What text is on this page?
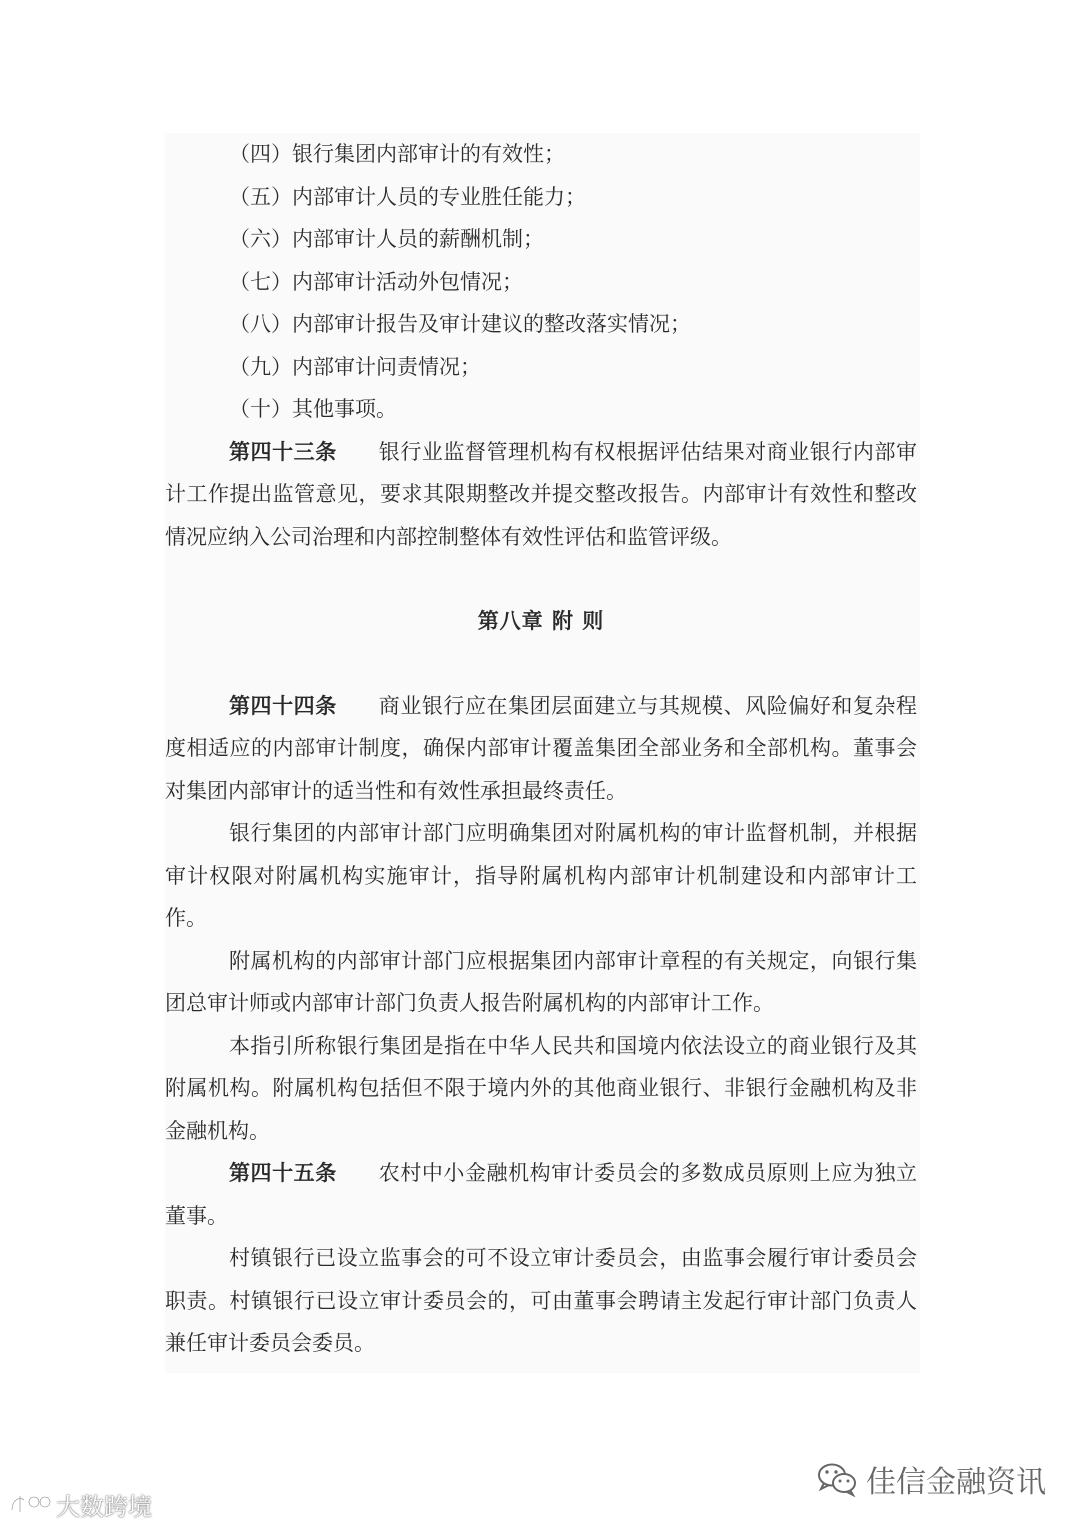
（四）银行集团内部审计的有效性；
（五）内部审计人员的专业胜任能力；
（六）内部审计人员的薪酬机制；
（七）内部审计活动外包情况；
（八）内部审计报告及审计建议的整改落实情况；
（九）内部审计问责情况；
（十）其他事项。

第四十三条 银行业监督管理机构有权根据评估结果对商业银行内部审计工作提出监管意见，要求其限期整改并提交整改报告。内部审计有效性和整改情况应纳入公司治理和内部控制整体有效性评估和监管评级。

第八章 附 则

第四十四条 商业银行应在集团层面建立与其规模、风险偏好和复杂程度相适应的内部审计制度，确保内部审计覆盖集团全部业务和全部机构。董事会对集团内部审计的适当性和有效性承担最终责任。

银行集团的内部审计部门应明确集团对附属机构的审计监督机制，并根据审计权限对附属机构实施审计，指导附属机构内部审计机制建设和内部审计工作。

附属机构的内部审计部门应根据集团内部审计章程的有关规定，向银行集团总审计师或内部审计部门负责人报告附属机构的内部审计工作。

本指引所称银行集团是指在中华人民共和国境内依法设立的商业银行及其附属机构。附属机构包括但不限于境内外的其他商业银行、非银行金融机构及非金融机构。

第四十五条 农村中小金融机构审计委员会的多数成员原则上应为独立董事。

村镇银行已设立监事会的可不设立审计委员会，由监事会履行审计委员会职责。村镇银行已设立审计委员会的，可由董事会聘请主发起行审计部门负责人兼任审计委员会委员。

大数跨境
佳信金融资讯
